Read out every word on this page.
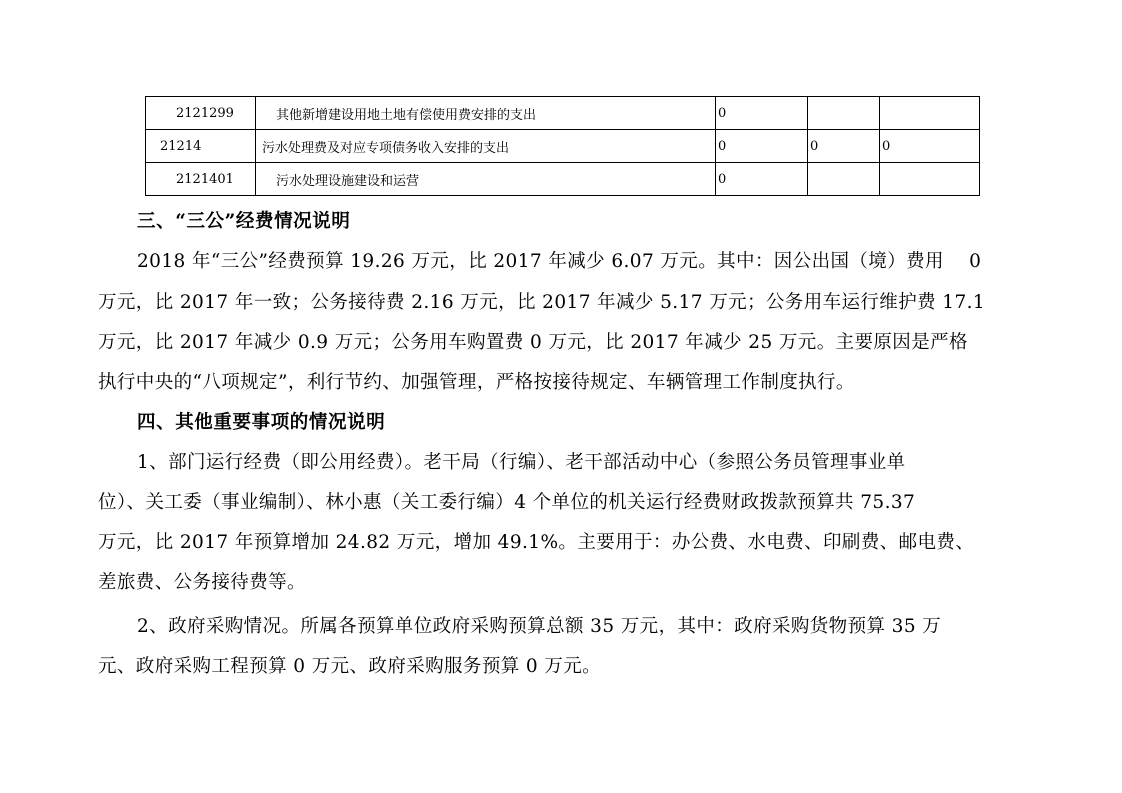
2121299	其他新增建设用地土地有偿使用费安排的支出	0		
21214	污水处理费及对应专项债务收入安排的支出	0	0	0
2121401	污水处理设施建设和运营	0		
三、“三公”经费情况说明
2018 年“三公”经费预算 19.26 万元，比 2017 年减少 6.07 万元。其中：因公出国（境）费用　 0
万元，比 2017 年一致；公务接待费 2.16 万元，比 2017 年减少 5.17 万元；公务用车运行维护费 17.1
万元，比 2017 年减少 0.9 万元；公务用车购置费 0 万元，比 2017 年减少 25 万元。主要原因是严格
执行中央的“八项规定”，利行节约、加强管理，严格按接待规定、车辆管理工作制度执行。
四、其他重要事项的情况说明
1、部门运行经费（即公用经费）。老干局（行编）、老干部活动中心（参照公务员管理事业单
位）、关工委（事业编制）、林小惠（关工委行编）4 个单位的机关运行经费财政拨款预算共 75.37
万元，比 2017 年预算增加 24.82 万元，增加 49.1%。主要用于：办公费、水电费、印刷费、邮电费、
差旅费、公务接待费等。
2、政府采购情况。所属各预算单位政府采购预算总额 35 万元，其中：政府采购货物预算 35 万
元、政府采购工程预算 0 万元、政府采购服务预算 0 万元。
